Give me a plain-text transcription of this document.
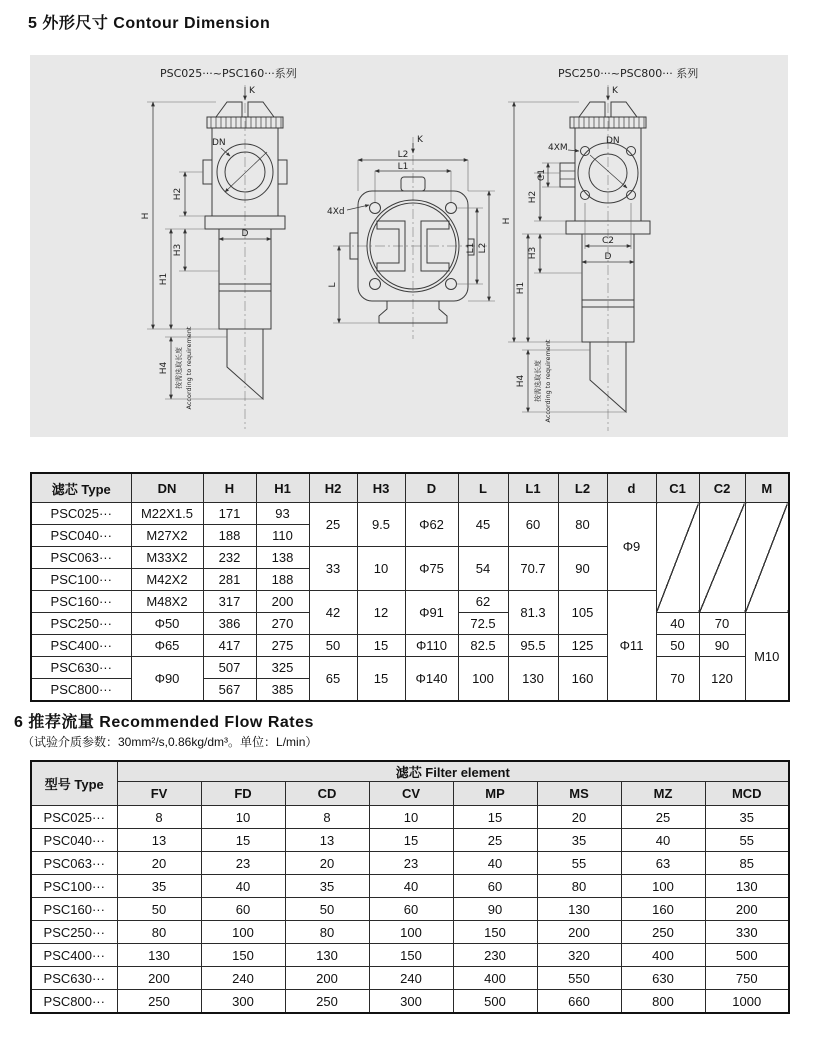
5 外形尺寸 Contour Dimension
PSC025···~PSC160···系列	PSC250···~PSC800··· 系列
K
DN
D
H
H1
H2
H3
H4 按需选取长度 According to requirement
K
L2
L1
4Xd
L
L1 L2
K
DN
4XM
C2
D
H
H1
H2
H3
C1
H4 按需选取长度 According to requirement
滤芯 Type	DN	H	H1	H2	H3	D	L	L1	L2	d	C1	C2	M
PSC025···	M22X1.5	171	93	25	9.5	Φ62	45	60	80	Φ9			
PSC040···	M27X2	188	110										
PSC063···	M33X2	232	138	33	10	Φ75	54	70.7	90				
PSC100···	M42X2	281	188										
PSC160···	M48X2	317	200	42	12	Φ91	62	81.3	105	Φ11			
PSC250···	Φ50	386	270				72.5				40	70	M10
PSC400···	Φ65	417	275	50	15	Φ110	82.5	95.5	125		50	90	
PSC630···	Φ90	507	325	65	15	Φ140	100	130	160		70	120	
PSC800···		567	385										
6 推荐流量 Recommended Flow Rates
（试验介质参数：30mm²/s,0.86kg/dm³。单位：L/min）
型号 Type	滤芯 Filter element							
	FV	FD	CD	CV	MP	MS	MZ	MCD
PSC025···	8	10	8	10	15	20	25	35
PSC040···	13	15	13	15	25	35	40	55
PSC063···	20	23	20	23	40	55	63	85
PSC100···	35	40	35	40	60	80	100	130
PSC160···	50	60	50	60	90	130	160	200
PSC250···	80	100	80	100	150	200	250	330
PSC400···	130	150	130	150	230	320	400	500
PSC630···	200	240	200	240	400	550	630	750
PSC800···	250	300	250	300	500	660	800	1000
